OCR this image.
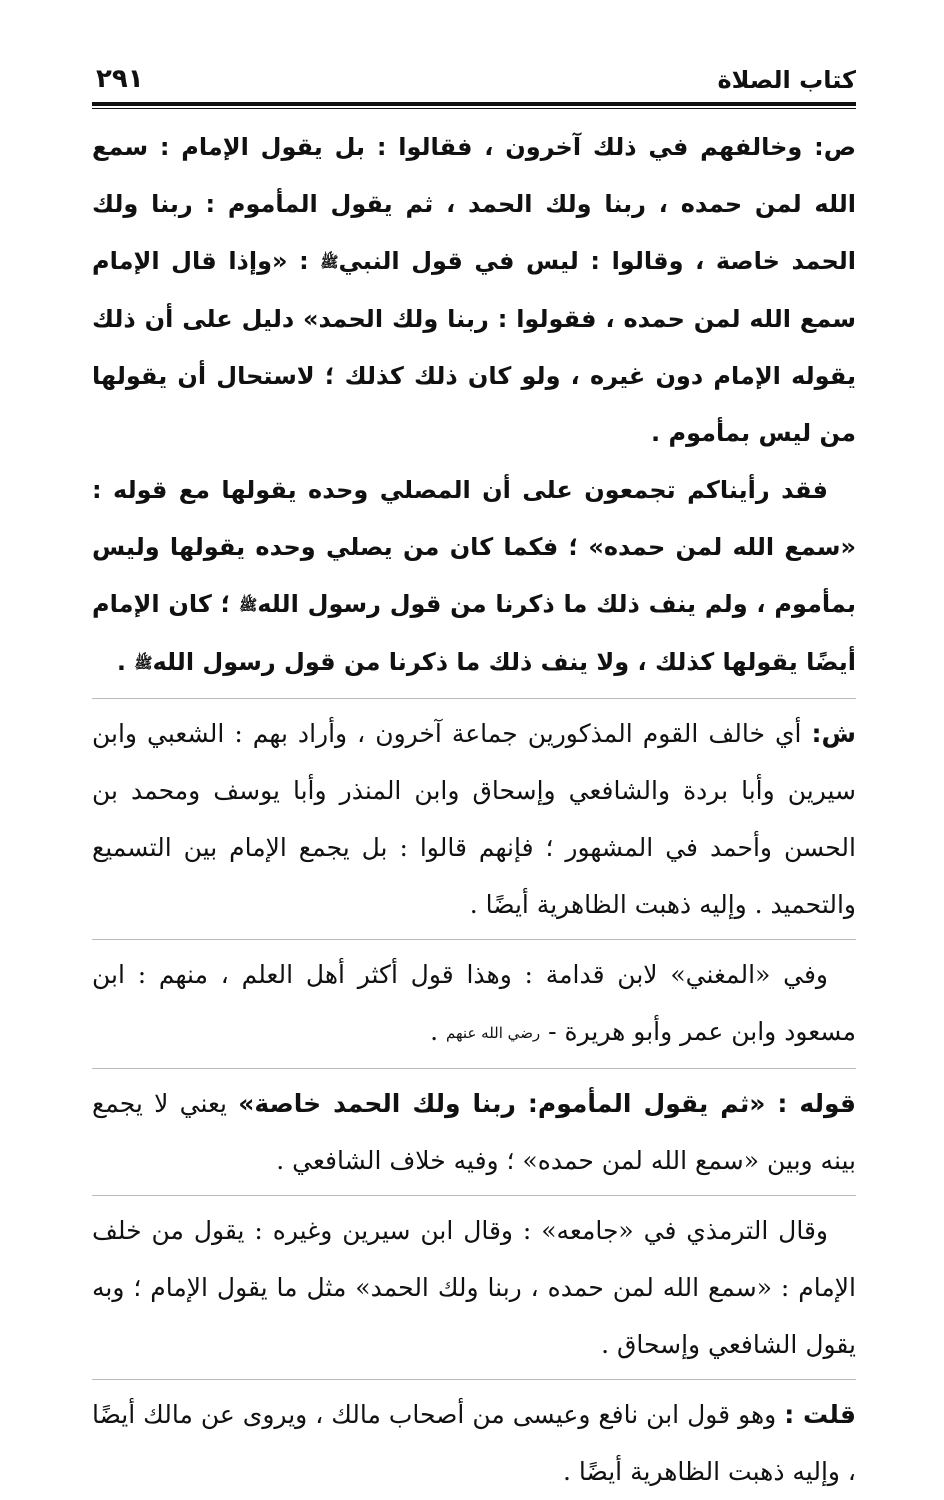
كتاب الصلاة
٢٩١

ص: وخالفهم في ذلك آخرون ، فقالوا : بل يقول الإمام : سمع الله لمن حمده ، ربنا ولك الحمد ، ثم يقول المأموم : ربنا ولك الحمد خاصة ، وقالوا : ليس في قول النبيﷺ : «وإذا قال الإمام سمع الله لمن حمده ، فقولوا : ربنا ولك الحمد» دليل على أن ذلك يقوله الإمام دون غيره ، ولو كان ذلك كذلك ؛ لاستحال أن يقولها من ليس بمأموم .

فقد رأيناكم تجمعون على أن المصلي وحده يقولها مع قوله : «سمع الله لمن حمده» ؛ فكما كان من يصلي وحده يقولها وليس بمأموم ، ولم ينف ذلك ما ذكرنا من قول رسول اللهﷺ ؛ كان الإمام أيضًا يقولها كذلك ، ولا ينف ذلك ما ذكرنا من قول رسول اللهﷺ .

ش: أي خالف القوم المذكورين جماعة آخرون ، وأراد بهم : الشعبي وابن سيرين وأبا بردة والشافعي وإسحاق وابن المنذر وأبا يوسف ومحمد بن الحسن وأحمد في المشهور ؛ فإنهم قالوا : بل يجمع الإمام بين التسميع والتحميد . وإليه ذهبت الظاهرية أيضًا .

وفي «المغني» لابن قدامة : وهذا قول أكثر أهل العلم ، منهم : ابن مسعود وابن عمر وأبو هريرة - رضي الله عنهم .

قوله : «ثم يقول المأموم: ربنا ولك الحمد خاصة» يعني لا يجمع بينه وبين «سمع الله لمن حمده» ؛ وفيه خلاف الشافعي .

وقال الترمذي في «جامعه» : وقال ابن سيرين وغيره : يقول من خلف الإمام : «سمع الله لمن حمده ، ربنا ولك الحمد» مثل ما يقول الإمام ؛ وبه يقول الشافعي وإسحاق .

قلت : وهو قول ابن نافع وعيسى من أصحاب مالك ، ويروى عن مالك أيضًا ، وإليه ذهبت الظاهرية أيضًا .
